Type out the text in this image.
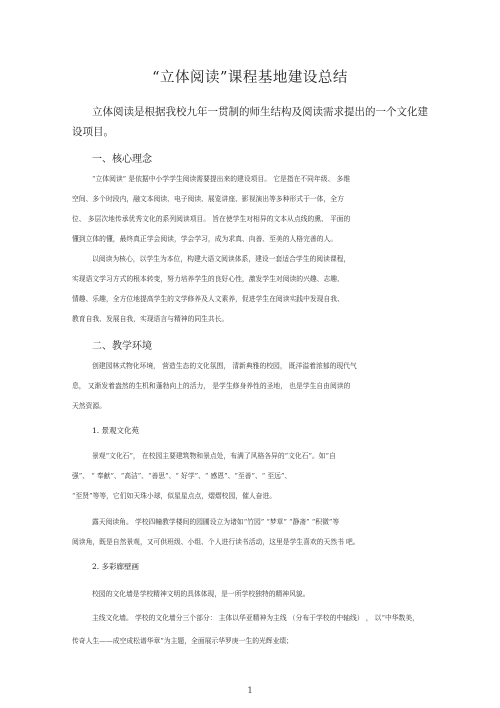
“立体阅读”课程基地建设总结
立体阅读是根据我校九年一贯制的师生结构及阅读需求提出的一个文化建
设项目。
一、核心理念
“立体阅读” 是依据中小学学生阅读需要提出来的建设项目。 它是指在不同年级、 多维
空间、多个时段内，融文本阅读、电子阅读、展览讲座、影视演出等多种形式于一体，全方
位、 多层次地传承优秀文化的系列阅读项目。 旨在使学生对相异的文本从点线的熏、 平面的
懂到立体的懂，最终真正学会阅读，学会学习，成为求真、向善、至美的人格完善的人。
以阅读为核心，以学生为本位，构建大语文阅读体系，建设一套适合学生的阅读课程，
实现语文学习方式的根本转变，努力培养学生的良好心性，激发学生对阅读的兴趣、志趣、
情趣、乐趣，全方位地提高学生的文学修养及人文素养，促进学生在阅读实践中发现自我、
教育自我、发展自我，实现语言与精神的同生共长。
二、教学环境
创建园林式物化环境， 营造生态的文化氛围， 清新典雅的校园， 既洋溢着浓郁的现代气
息， 又渐发着盎然的生机和蓬勃向上的活力， 是学生修身养性的圣地， 也是学生自由阅读的
天然资源。
1. 景观文化苑
景观“文化石”， 在校园主要建筑物和景点处，布满了风格各异的“文化石”。如“自
强”、 “ 奉献”、“高洁”、“善思”、“ 好学”、“ 感恩”、“至善”、“ 至远”、
“至贤”等等，它们如天珠小球，似星星点点，熠熠校园，催人奋进。
露天阅读角。 学校四幢教学楼间的园圃设立为诸如“竹园” “梦草” “静斋” “积微”等
阅读角，既是自然景观，又可供班级、小组、个人进行读书活动，这里是学生喜欢的天然书 吧。
2. 多彩廊壁画
校园的文化墙是学校精神文明的具体体现，是一所学校独特的精神风貌。
主线文化墙。 学校的文化墙分三个部分： 主体以华亚精神为主线 （分布于学校的中轴线） ， 以“中华数美，
传奇人生——成空成松谱华章”为主题，全面展示华罗庚一生的光辉业绩；
1
